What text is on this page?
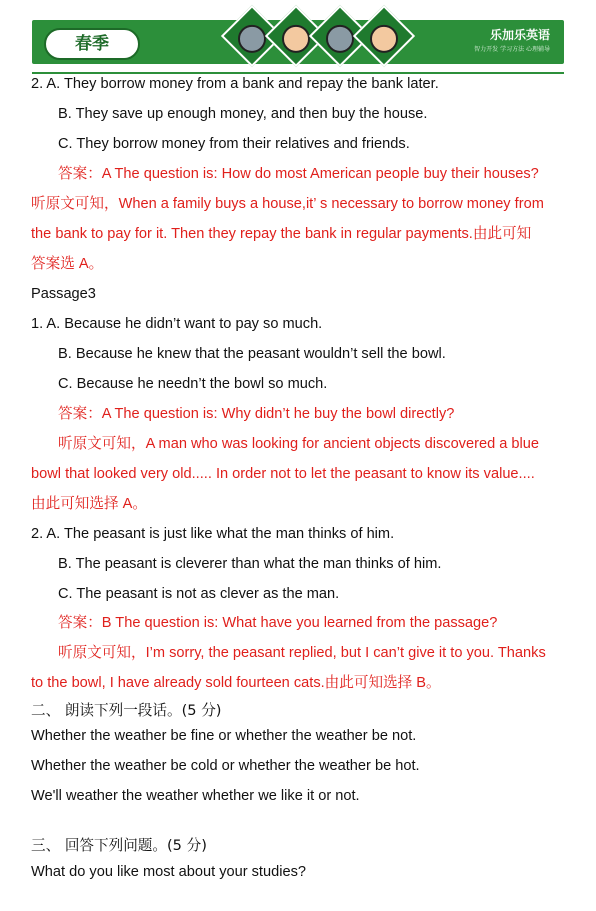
春季	乐加乐英语
智力开发 学习方法 心理辅导
2. A. They borrow money from a bank and repay the bank later.
B. They save up enough money, and then buy the house.
C. They borrow money from their relatives and friends.
答案：A The question is: How do most American people buy their houses?
听原文可知，When a family buys a house,it’ s necessary to borrow money from
the bank to pay for it. Then they repay the bank in regular payments.由此可知
答案选 A。
Passage3
1. A. Because he didn’t want to pay so much.
B. Because he knew that the peasant wouldn’t sell the bowl.
C. Because he needn’t the bowl so much.
答案：A The question is: Why didn’t he buy the bowl directly?
听原文可知，A man who was looking for ancient objects discovered a blue
bowl that looked very old..... In order not to let the peasant to know its value....
由此可知选择 A。
2. A. The peasant is just like what the man thinks of him.
B. The peasant is cleverer than what the man thinks of him.
C. The peasant is not as clever as the man.
答案：B The question is: What have you learned from the passage?
听原文可知，I’m sorry, the peasant replied, but I can’t give it to you. Thanks
to the bowl, I have already sold fourteen cats.由此可知选择 B。
二、 朗读下列一段话。(5 分)
Whether the weather be fine or whether the weather be not.
Whether the weather be cold or whether the weather be hot.
We'll weather the weather whether we like it or not.
三、 回答下列问题。(5 分)
What do you like most about your studies?
